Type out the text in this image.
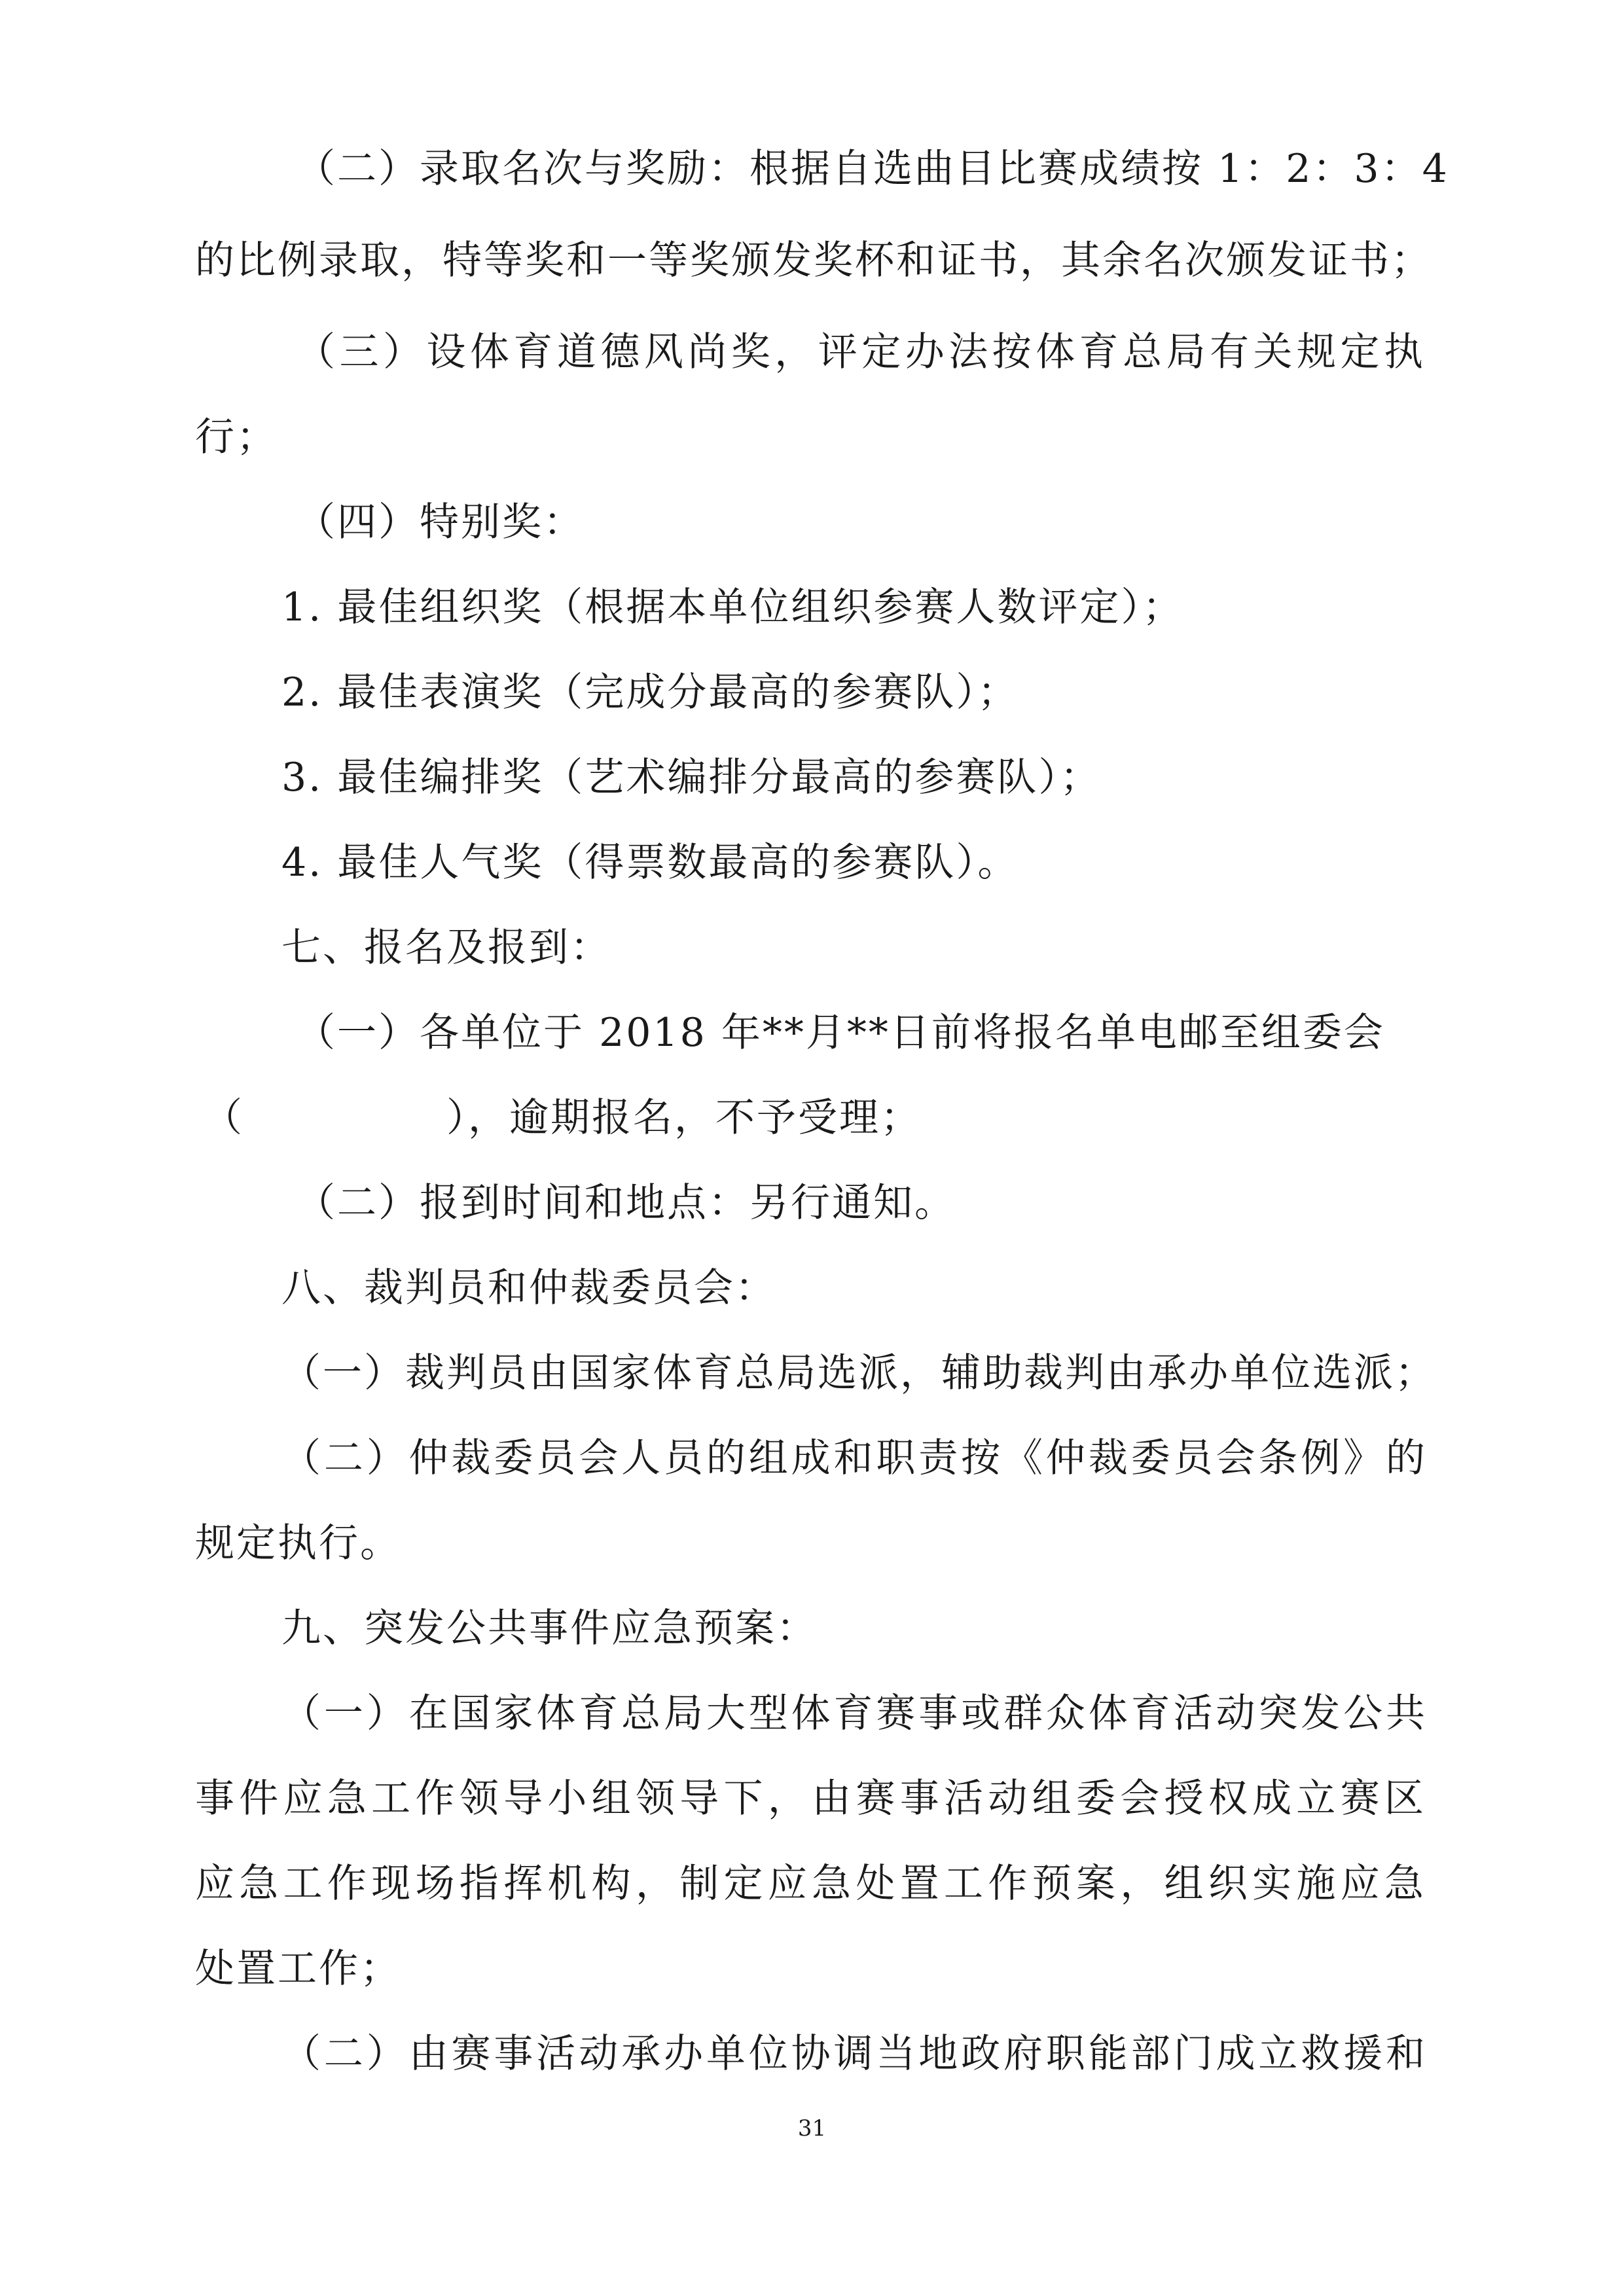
（二）录取名次与奖励：根据自选曲目比赛成绩按 1：2：3：4
的比例录取，特等奖和一等奖颁发奖杯和证书，其余名次颁发证书；
（三）设体育道德风尚奖，评定办法按体育总局有关规定执
行；
（四）特别奖：
1. 最佳组织奖（根据本单位组织参赛人数评定）；
2. 最佳表演奖（完成分最高的参赛队）；
3. 最佳编排奖（艺术编排分最高的参赛队）；
4. 最佳人气奖（得票数最高的参赛队）。
七、报名及报到：
（一）各单位于 2018 年**月**日前将报名单电邮至组委会
（              ），逾期报名，不予受理；
（二）报到时间和地点：另行通知。
八、裁判员和仲裁委员会：
（一）裁判员由国家体育总局选派，辅助裁判由承办单位选派；
（二）仲裁委员会人员的组成和职责按《仲裁委员会条例》的
规定执行。
九、突发公共事件应急预案：
（一）在国家体育总局大型体育赛事或群众体育活动突发公共
事件应急工作领导小组领导下，由赛事活动组委会授权成立赛区
应急工作现场指挥机构，制定应急处置工作预案，组织实施应急
处置工作；
（二）由赛事活动承办单位协调当地政府职能部门成立救援和
31
